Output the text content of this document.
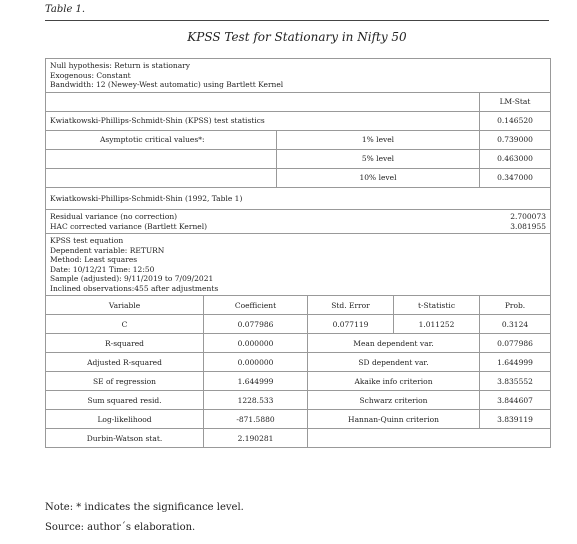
Table 1.
KPSS Test for Stationary in Nifty 50
Null hypothesis: Return is stationary
Exogenous: Constant
Bandwidth: 12 (Newey-West automatic) using Bartlett Kernel
LM-Stat
Kwiatkowski-Phillips-Schmidt-Shin (KPSS) test statistics	0.146520
Asymptotic critical values*:	1% level	0.739000
5% level	0.463000
10% level	0.347000
Kwiatkowski-Phillips-Schmidt-Shin (1992, Table 1)
Residual variance (no correction)	2.700073
HAC corrected variance (Bartlett Kernel)	3.081955
KPSS test equation
Dependent variable: RETURN
Method: Least squares
Date: 10/12/21 Time: 12:50
Sample (adjusted): 9/11/2019 to 7/09/2021
Inclined observations:455 after adjustments
Variable	Coefficient	Std. Error	t-Statistic	Prob.
C	0.077986	0.077119	1.011252	0.3124
R-squared	0.000000	Mean dependent var.	0.077986
Adjusted R-squared	0.000000	SD dependent var.	1.644999
SE of regression	1.644999	Akaike info criterion	3.835552
Sum squared resid.	1228.533	Schwarz criterion	3.844607
Log-likelihood	-871.5880	Hannan-Quinn criterion	3.839119
Durbin-Watson stat.	2.190281
Note: * indicates the significance level.
Source: author´s elaboration.
